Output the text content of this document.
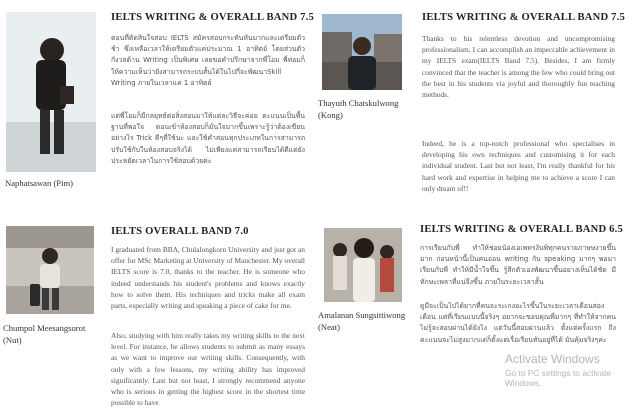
Naphatsawan (Pim)
IELTS WRITING & OVERALL BAND 7.5

ตอนที่ตัดสินใจสอบ IELTS สมัครสอบกระทันหันมากและเตรียมตัวช้า ซึ่งเหลือเวลาให้เตรียมตัวแค่ประมาณ 1 อาทิตย์ โดยส่วนตัวกังวลด้าน Writing เป็นพิเศษ เลยขอคำปรึกษาจากพี่โอม พี่ท่อมก็ให้ความเห็นว่ายังสามารถระบบสั้นได้ในไปกี่จะพัฒนาSkill Writing ภายในเวลาแค่ 1 อาทิตย์

แต่พี่โอมก็มีกลยุทธ์ต่อสิ่งสอนมาให้แต่ละวิธีจะค่อย ตะแนนเป็นพื้นฐานที่พอใจ ตอนเข้าห้องสอบก็มั่นใจมากขึ้นเพราะรู้ว่าต้องเขียนอย่างไร Trick ดีๆที่ใช้นะ และใช้คำสอนทุกประเภทในการสามารถปรับใช้กับในห้องสอบจริงได้ ไม่เพียงแค่สามารถเรียนได้ดีแต่ยังประหยัดเวลาในการใช้สอบด้วยค่ะ

Thayuth Chatskulwong (Kong)
IELTS WRITING & OVERALL BAND 7.5

Thanks to his relentless devotion and uncompromising professionalism, I can accomplish an impeccable achievement in my IELTS exam(IELTS Band 7.5). Besides, I am firmly convinced that the teacher is among the few who could bring out the best in his students via joyful and thoroughly fun teaching methods.

Indeed, he is a top-notch professional who specialises in developing his own techniques and customising it for each individual student. Last but not least, I'm really thankful for his hard work and expertise in helping me to achieve a score I can only dream of!!

Chumpol Meesangsorot (Nut)
IELTS OVERALL BAND 7.0

I graduated from BBA, Chulalongkorn University and just got an offer for MSc Marketing at University of Manchester. My overall IELTS score is 7.0, thanks to the teacher. He is someone who indeed understands his student's problems and knows exactly how to solve them. His techniques and tricks make all exam parts, especially writing and speaking a piece of cake for me.

Also, studying with him really takes my writing skills to the next level. For instance, he allows students to submit as many essays as we want to improve our writing skills. Consequently, with only with a few lessons, my writing ability has improved significantly. Last but not least, I strongly recommend anyone who is serious in getting the highest score in the shortest time possible to have

Amalanan Sungsittiwong (Neat)
IELTS WRITING & OVERALL BAND 6.5

การเรียนกับพี่ ทำให้ช่อยน้องเอเพทรงันพิทุกคนรายภาษษงายขึ้นมาก ก่อนหน้านี้เป็นคนอ่อน writing กับ speaking มากๆ พอมาเรียนกับพี่ ทำให้มีน้ำใจขึ้น รู้สึกตัวเองพัฒนาขึ้นอย่างเห็นได้ชัด มีทักษะเพลาที่แน่จึงขึ้น ภายในระยะเวลาสั้น

ดูมีจะเป็นไปได้ยากที่คนจะระเกงอะไรขึ้นในระยะเวลาเดือนสองเดือน แต่ที่เรียนแบบนี้จริงๆ อยากจะขอบคุณพี่มากๆ ที่ทำให้จากคนไม่รู้จะสอบผ่านได้ยังไง แต่วันนี้สอบผ่านแล้ว ตั้งแต่ครั้งแรก ถึงคะแนนจะไม่สูงมากแต่ก็ตั้งแต่เรื่อเรียนทันอยู่ที่ได้ มันคุ้มจริงๆค่ะ

Activate Windows
Go to PC settings to activate Windows.
